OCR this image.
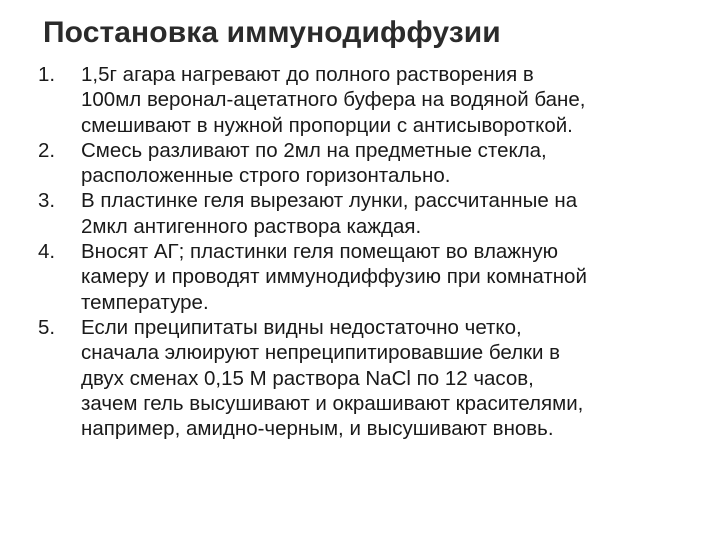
Постановка иммунодиффузии
1. 1,5г агара нагревают до полного растворения в
100мл веронал-ацетатного буфера на водяной бане,
смешивают в нужной пропорции с антисывороткой.
2. Смесь разливают по 2мл на предметные стекла,
расположенные строго горизонтально.
3. В пластинке геля вырезают лунки, рассчитанные на
2мкл антигенного раствора каждая.
4. Вносят АГ; пластинки геля помещают во влажную
камеру и проводят иммунодиффузию при комнатной
температуре.
5. Если преципитаты видны недостаточно четко,
сначала элюируют непреципитировавшие белки в
двух сменах 0,15 М раствора NaCl по 12 часов,
зачем гель высушивают и окрашивают красителями,
например, амидно-черным, и высушивают вновь.
